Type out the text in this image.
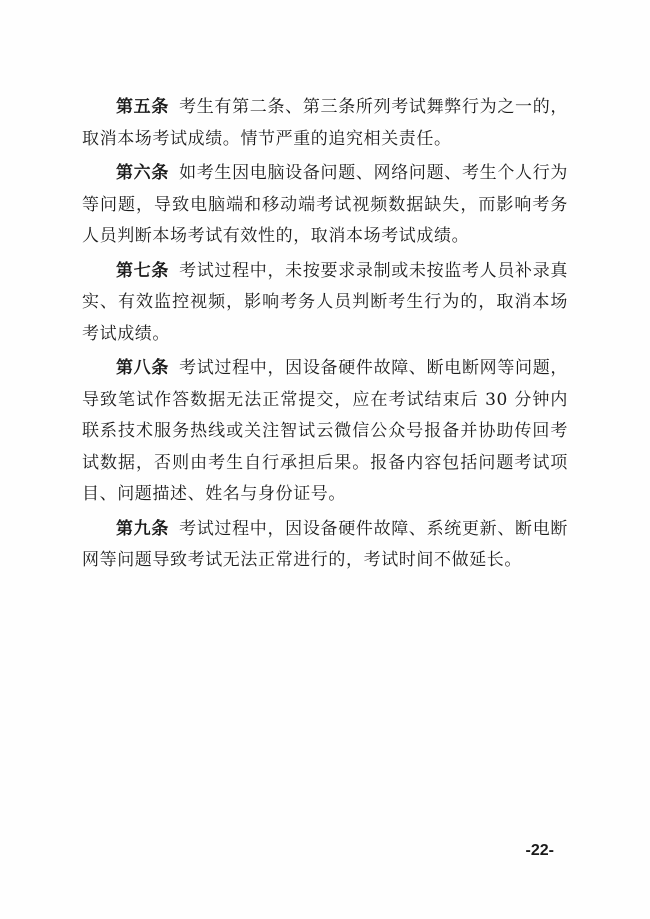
第五条 考生有第二条、第三条所列考试舞弊行为之一的，取消本场考试成绩。情节严重的追究相关责任。

第六条 如考生因电脑设备问题、网络问题、考生个人行为等问题，导致电脑端和移动端考试视频数据缺失，而影响考务人员判断本场考试有效性的，取消本场考试成绩。

第七条 考试过程中，未按要求录制或未按监考人员补录真实、有效监控视频，影响考务人员判断考生行为的，取消本场考试成绩。

第八条 考试过程中，因设备硬件故障、断电断网等问题，导致笔试作答数据无法正常提交，应在考试结束后 30 分钟内联系技术服务热线或关注智试云微信公众号报备并协助传回考试数据，否则由考生自行承担后果。报备内容包括问题考试项目、问题描述、姓名与身份证号。

第九条 考试过程中，因设备硬件故障、系统更新、断电断网等问题导致考试无法正常进行的，考试时间不做延长。

-22-
